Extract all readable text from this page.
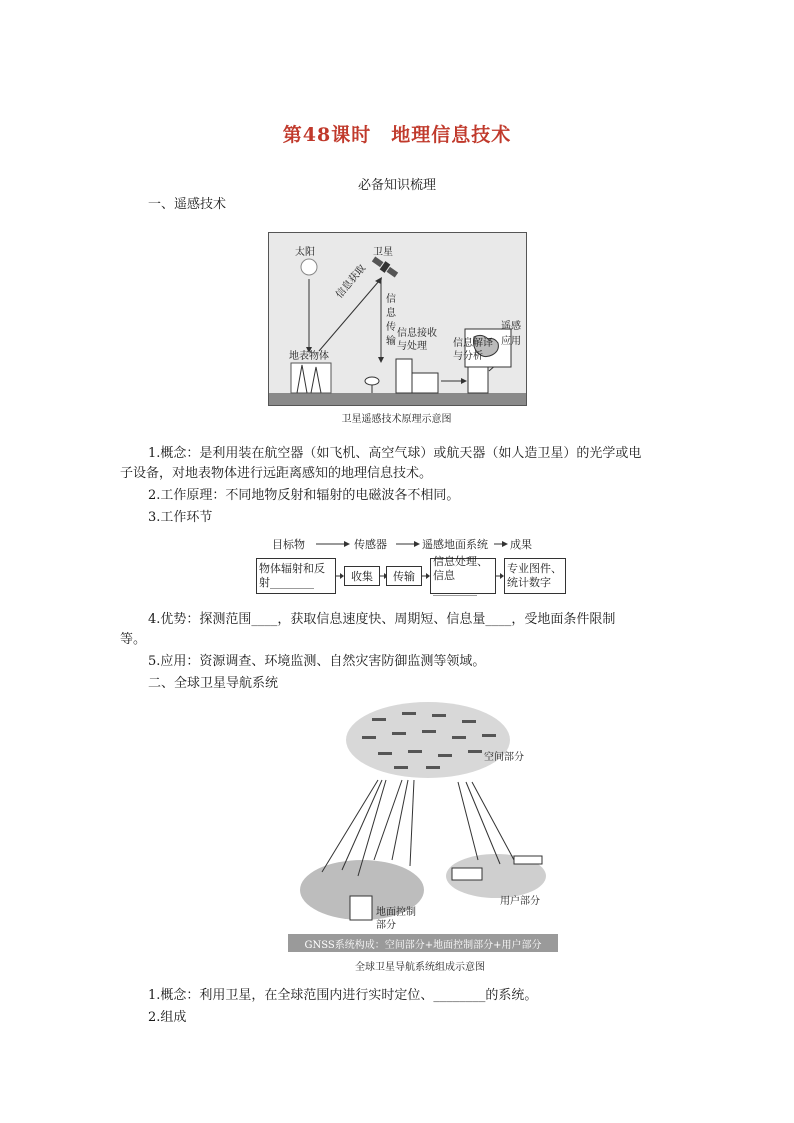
第48课时　地理信息技术
必备知识梳理
一、遥感技术
太阳	卫星
信息获取	信息传输
地表物体
信息接收与处理	信息解译与分析
遥感应用
卫星遥感技术原理示意图
1.概念：是利用装在航空器（如飞机、高空气球）或航天器（如人造卫星）的光学或电
子设备，对地表物体进行远距离感知的地理信息技术。
2.工作原理：不同地物反射和辐射的电磁波各不相同。
3.工作环节
目标物	传感器	遥感地面系统 成果
物体辐射和反射________	收集	传输
信息处理、信息________
专业图件、统计数字
4.优势：探测范围____，获取信息速度快、周期短、信息量____，受地面条件限制
等。
5.应用：资源调查、环境监测、自然灾害防御监测等领域。
二、全球卫星导航系统
空间部分
地面控制部分
用户部分
GNSS系统构成：空间部分+地面控制部分+用户部分
全球卫星导航系统组成示意图
1.概念：利用卫星，在全球范围内进行实时定位、________的系统。
2.组成
